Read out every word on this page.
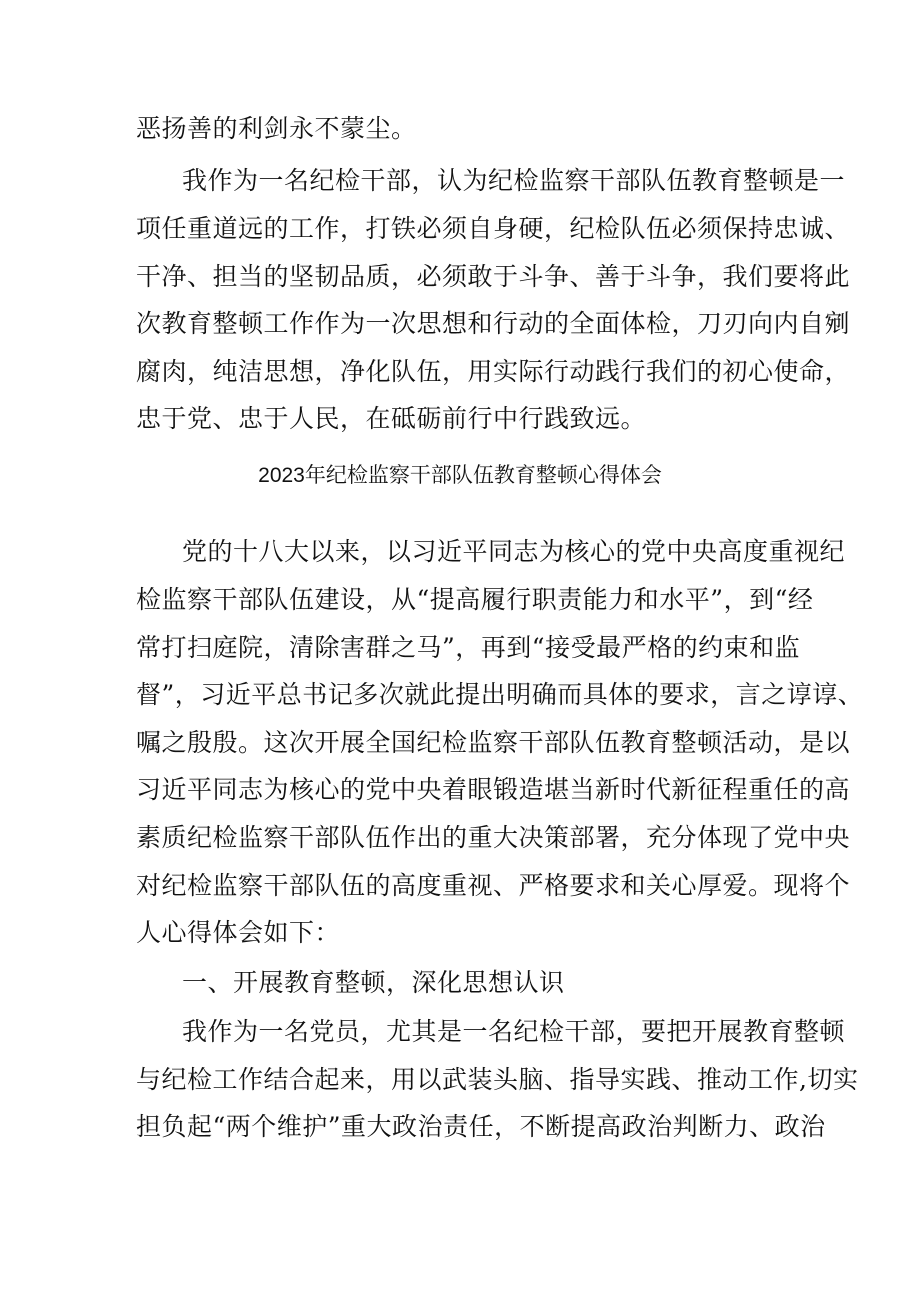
恶扬善的利剑永不蒙尘。
我作为一名纪检干部，认为纪检监察干部队伍教育整顿是一
项任重道远的工作，打铁必须自身硬，纪检队伍必须保持忠诚、
干净、担当的坚韧品质，必须敢于斗争、善于斗争，我们要将此
次教育整顿工作作为一次思想和行动的全面体检，刀刃向内自剜
腐肉，纯洁思想，净化队伍，用实际行动践行我们的初心使命，
忠于党、忠于人民，在砥砺前行中行践致远。
2023年纪检监察干部队伍教育整顿心得体会
党的十八大以来，以习近平同志为核心的党中央高度重视纪
检监察干部队伍建设，从“提高履行职责能力和水平”，到“经
常打扫庭院，清除害群之马”，再到“接受最严格的约束和监
督”，习近平总书记多次就此提出明确而具体的要求，言之谆谆、
嘱之殷殷。这次开展全国纪检监察干部队伍教育整顿活动，是以
习近平同志为核心的党中央着眼锻造堪当新时代新征程重任的高
素质纪检监察干部队伍作出的重大决策部署，充分体现了党中央
对纪检监察干部队伍的高度重视、严格要求和关心厚爱。现将个
人心得体会如下：
一、开展教育整顿，深化思想认识
我作为一名党员，尤其是一名纪检干部，要把开展教育整顿
与纪检工作结合起来，用以武装头脑、指导实践、推动工作,切实
担负起“两个维护”重大政治责任，不断提高政治判断力、政治
